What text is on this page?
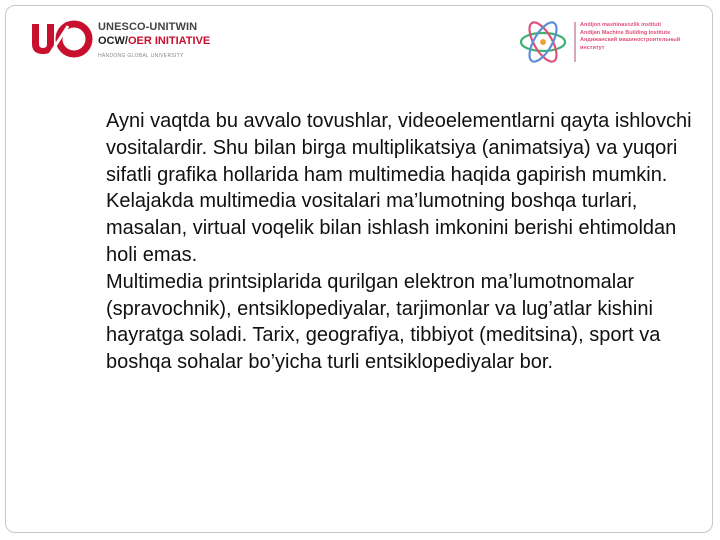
UNESCO-UNITWIN
OCW/OER INITIATIVE
HANDONG GLOBAL UNIVERSITY
Andijon mashinasozlik instituti
Andijan Machine Building Institute
Андижанский машиностроительный
институт
Ayni vaqtda bu avvalo tovushlar, videoelementlarni qayta ishlovchi vositalardir. Shu bilan birga multiplikatsiya (animatsiya) va yuqori sifatli grafika hollarida ham multimedia haqida gapirish mumkin. Kelajakda multimedia vositalari ma’lumotning boshqa turlari, masalan, virtual voqelik bilan ishlash imkonini berishi ehtimoldan holi emas.
Multimedia printsiplarida qurilgan elektron ma’lumotnomalar (spravochnik), entsiklopediyalar, tarjimonlar va lug’atlar kishini hayratga soladi. Tarix, geografiya, tibbiyot (meditsina), sport va boshqa sohalar bo’yicha turli entsiklopediyalar bor.
